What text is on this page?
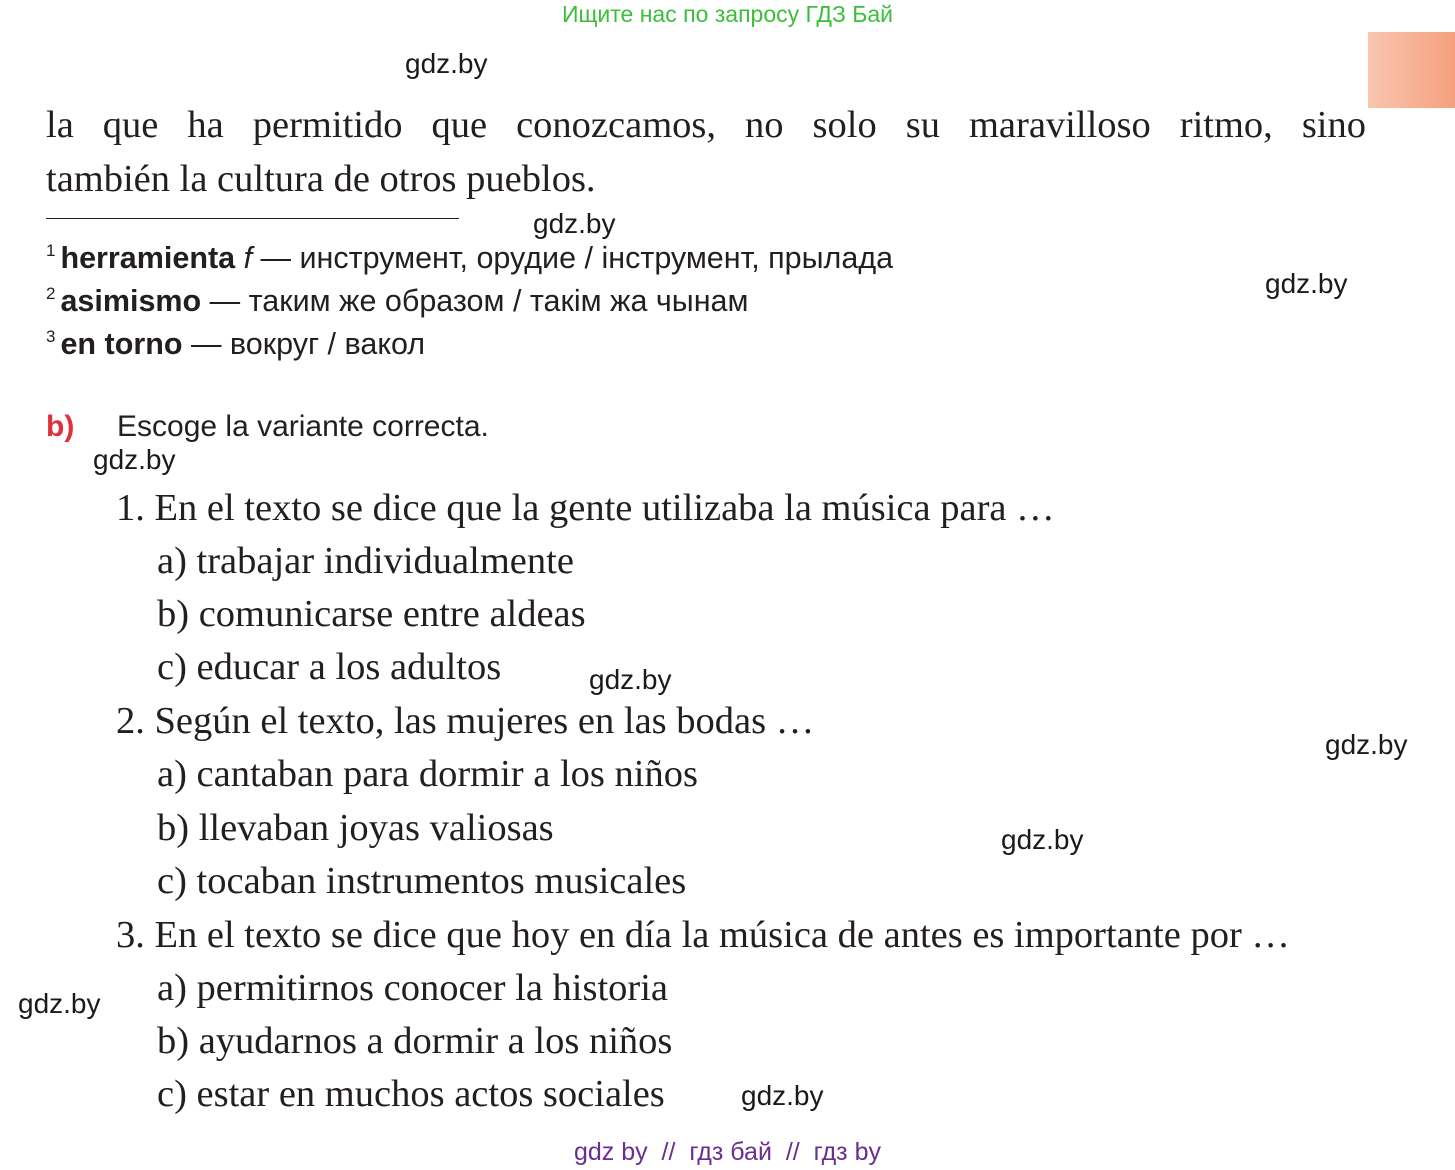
Ищите нас по запросу ГДЗ Бай
la que ha permitido que conozcamos, no solo su maravilloso ritmo, sino
también la cultura de otros pueblos.
$^1$ herramienta f — инструмент, орудие / інструмент, прылада
$^2$ asimismo — таким же образом / такім жа чынам
$^3$ en torno — вокруг / вакол
b) Escoge la variante correcta.
1. En el texto se dice que la gente utilizaba la música para …
a) trabajar individualmente
b) comunicarse entre aldeas
c) educar a los adultos
2. Según el texto, las mujeres en las bodas …
a) cantaban para dormir a los niños
b) llevaban joyas valiosas
c) tocaban instrumentos musicales
3. En el texto se dice que hoy en día la música de antes es importante por …
a) permitirnos conocer la historia
b) ayudarnos a dormir a los niños
c) estar en muchos actos sociales
gdz.by
gdz.by
gdz.by
gdz.by
gdz.by
gdz.by
gdz.by
gdz.by
gdz.by
gdz by  //  гдз бай  //  гдз by
